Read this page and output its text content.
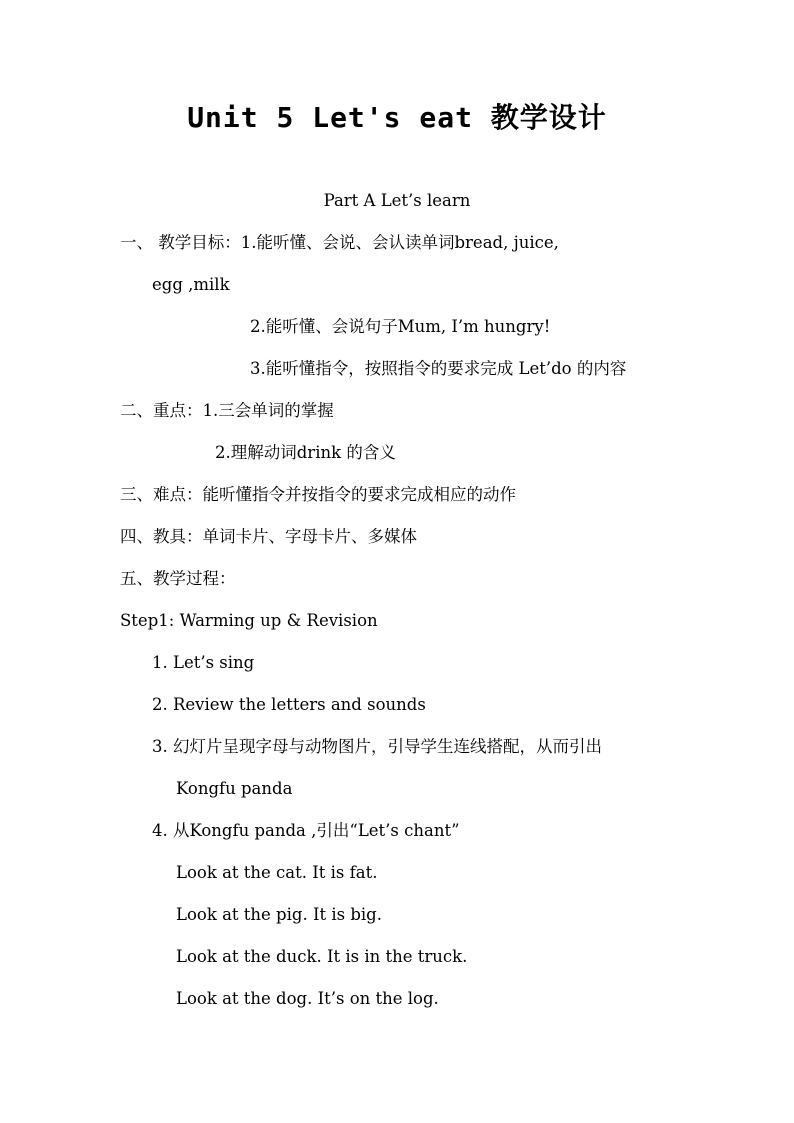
Unit 5 Let's eat 教学设计
Part A Let’s learn
一、 教学目标：1.能听懂、会说、会认读单词bread, juice,
egg ,milk
2.能听懂、会说句子Mum, I’m hungry!
3.能听懂指令，按照指令的要求完成 Let’do 的内容
二、重点：1.三会单词的掌握
2.理解动词drink 的含义
三、难点：能听懂指令并按指令的要求完成相应的动作
四、教具：单词卡片、字母卡片、多媒体
五、教学过程：
Step1: Warming up & Revision
1. Let’s sing
2. Review the letters and sounds
3. 幻灯片呈现字母与动物图片，引导学生连线搭配，从而引出
Kongfu panda
4. 从Kongfu panda ,引出“Let’s chant”
Look at the cat. It is fat.
Look at the pig. It is big.
Look at the duck. It is in the truck.
Look at the dog. It’s on the log.
